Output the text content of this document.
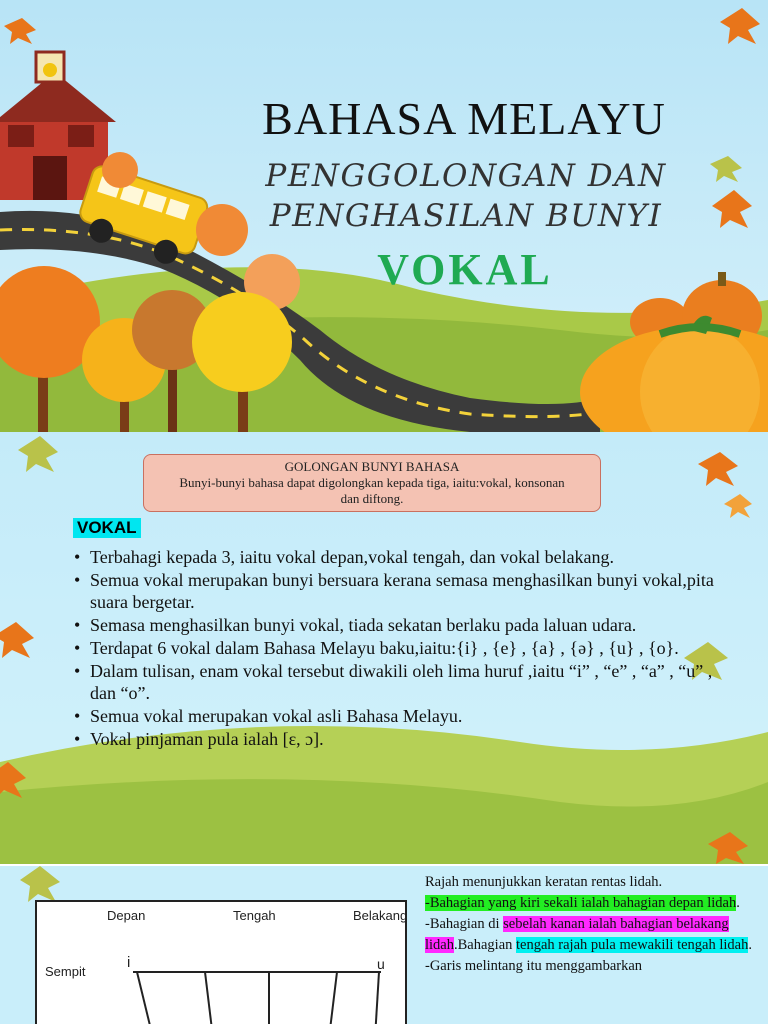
BAHASA MELAYU
PENGGOLONGAN DAN
PENGHASILAN BUNYI
VOKAL
GOLONGAN BUNYI BAHASA
Bunyi-bunyi bahasa dapat digolongkan kepada tiga, iaitu:vokal, konsonan dan diftong.
VOKAL
• Terbahagi kepada 3, iaitu vokal depan,vokal tengah, dan vokal belakang.
• Semua vokal merupakan bunyi bersuara kerana semasa menghasilkan bunyi vokal,pita suara bergetar.
• Semasa menghasilkan bunyi vokal, tiada sekatan berlaku pada laluan udara.
• Terdapat 6 vokal dalam Bahasa Melayu baku,iaitu:{i} , {e} , {a} , {ə} , {u} , {o}.
• Dalam tulisan, enam vokal tersebut diwakili oleh lima huruf ,iaitu “i” , “e” , “a” , “u” , dan “o”.
• Semua vokal merupakan vokal asli Bahasa Melayu.
• Vokal pinjaman pula ialah [ɛ, ɔ].
Depan	Tengah	Belakang
Sempit
i	u
Rajah menunjukkan keratan rentas lidah.
-Bahagian yang kiri sekali ialah bahagian depan lidah.
-Bahagian di sebelah kanan ialah bahagian belakang lidah.Bahagian tengah rajah pula mewakili tengah lidah.
-Garis melintang itu menggambarkan
